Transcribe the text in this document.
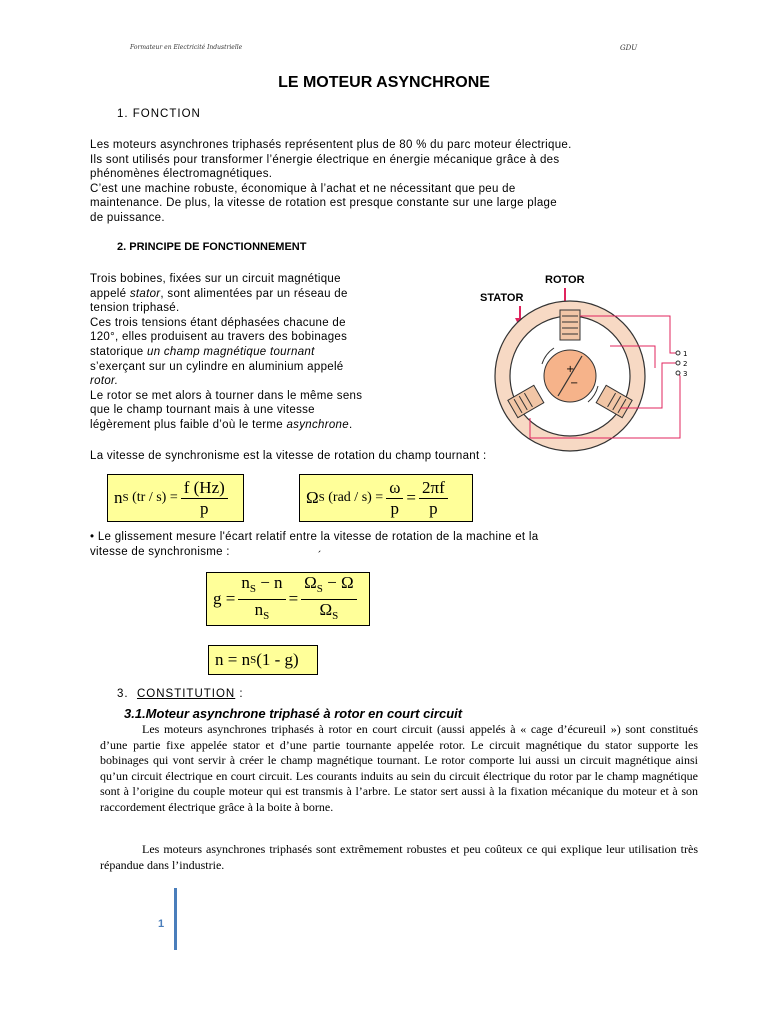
Formateur en Electricité Industrielle	GDU
LE MOTEUR ASYNCHRONE
1. FONCTION
Les moteurs asynchrones triphasés représentent plus de 80 % du parc moteur électrique.
Ils sont utilisés pour transformer l’énergie électrique en énergie mécanique grâce à des
phénomènes électromagnétiques.
C’est une machine robuste, économique à l’achat et ne nécessitant que peu de
maintenance. De plus, la vitesse de rotation est presque constante sur une large plage
de puissance.
2. PRINCIPE DE FONCTIONNEMENT
Trois bobines, fixées sur un circuit magnétique
appelé stator, sont alimentées par un réseau de
tension triphasé.
Ces trois tensions étant déphasées chacune de
120°, elles produisent au travers des bobinages
statorique un champ magnétique tournant
s’exerçant sur un cylindre en aluminium appelé
rotor.
Le rotor se met alors à tourner dans le même sens
que le champ tournant mais à une vitesse
légèrement plus faible d’où le terme asynchrone.
ROTOR
STATOR
+
−
1
2
3
La vitesse de synchronisme est la vitesse de rotation du champ tournant :
n S $(tr / s) = \frac{f (Hz)}{p}$	Ω S $(rad / s) = \frac{\omega}{p} = \frac{2\pi f}{p}$
• Le glissement mesure l'écart relatif entre la vitesse de rotation de la machine et la
vitesse de synchronisme :	´
$g = \frac{n_S - n}{n_S} = \frac{\Omega_S - \Omega}{\Omega_S}$
n = n S (1 - g)
3.  CONSTITUTION :
3.1.Moteur asynchrone triphasé à rotor en court circuit
Les moteurs asynchrones triphasés à rotor en court circuit (aussi appelés à « cage d’écureuil ») sont constitués d’une partie fixe appelée stator et d’une partie tournante appelée rotor. Le circuit magnétique du stator supporte les bobinages qui vont servir à créer le champ magnétique tournant. Le rotor comporte lui aussi un circuit magnétique ainsi qu’un circuit électrique en court circuit. Les courants induits au sein du circuit électrique du rotor par le champ magnétique sont à l’origine du couple moteur qui est transmis à l’arbre. Le stator sert aussi à la fixation mécanique du moteur et à son raccordement électrique grâce à la boite à borne.
Les moteurs asynchrones triphasés sont extrêmement robustes et peu coûteux ce qui explique leur utilisation très répandue dans l’industrie.
1
